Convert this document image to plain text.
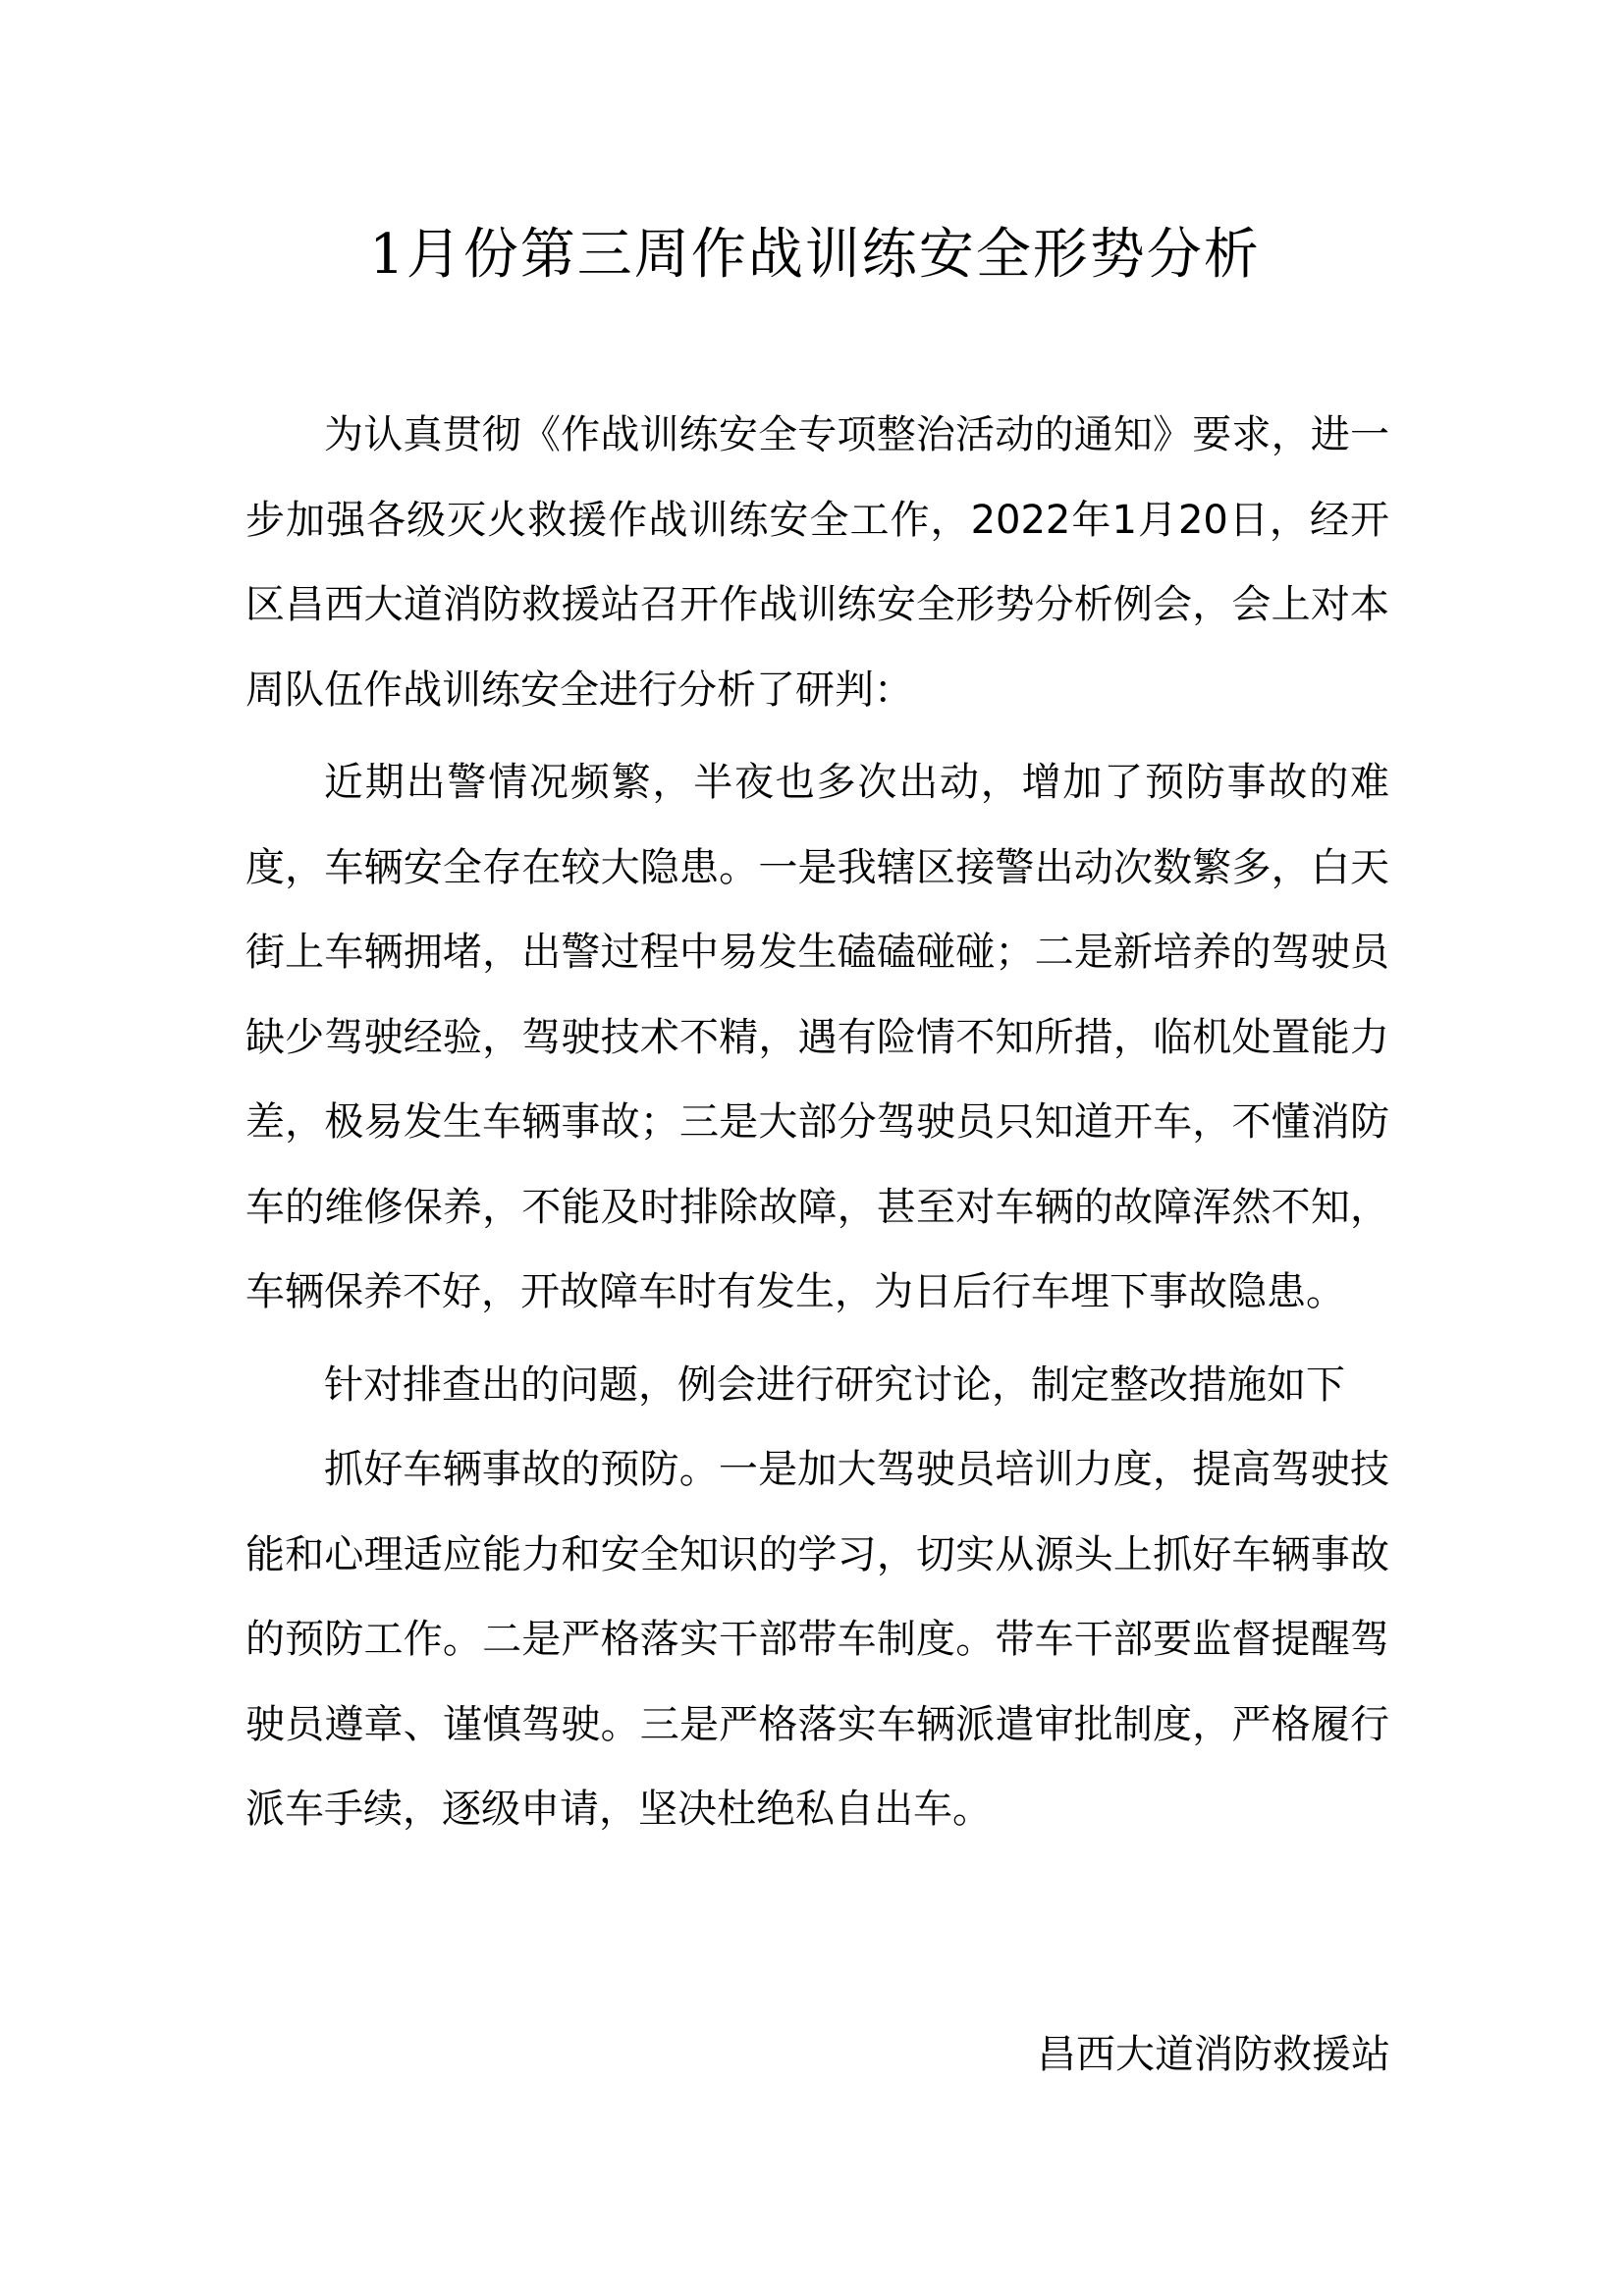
1月份第三周作战训练安全形势分析

为认真贯彻《作战训练安全专项整治活动的通知》要求，进一步加强各级灭火救援作战训练安全工作，2022年1月20日，经开区昌西大道消防救援站召开作战训练安全形势分析例会，会上对本周队伍作战训练安全进行分析了研判：

近期出警情况频繁，半夜也多次出动，增加了预防事故的难度，车辆安全存在较大隐患。一是我辖区接警出动次数繁多，白天街上车辆拥堵，出警过程中易发生磕磕碰碰；二是新培养的驾驶员缺少驾驶经验，驾驶技术不精，遇有险情不知所措，临机处置能力差，极易发生车辆事故；三是大部分驾驶员只知道开车，不懂消防车的维修保养，不能及时排除故障，甚至对车辆的故障浑然不知，车辆保养不好，开故障车时有发生，为日后行车埋下事故隐患。

针对排查出的问题，例会进行研究讨论，制定整改措施如下

抓好车辆事故的预防。一是加大驾驶员培训力度，提高驾驶技能和心理适应能力和安全知识的学习，切实从源头上抓好车辆事故的预防工作。二是严格落实干部带车制度。带车干部要监督提醒驾驶员遵章、谨慎驾驶。三是严格落实车辆派遣审批制度，严格履行派车手续，逐级申请，坚决杜绝私自出车。

昌西大道消防救援站
